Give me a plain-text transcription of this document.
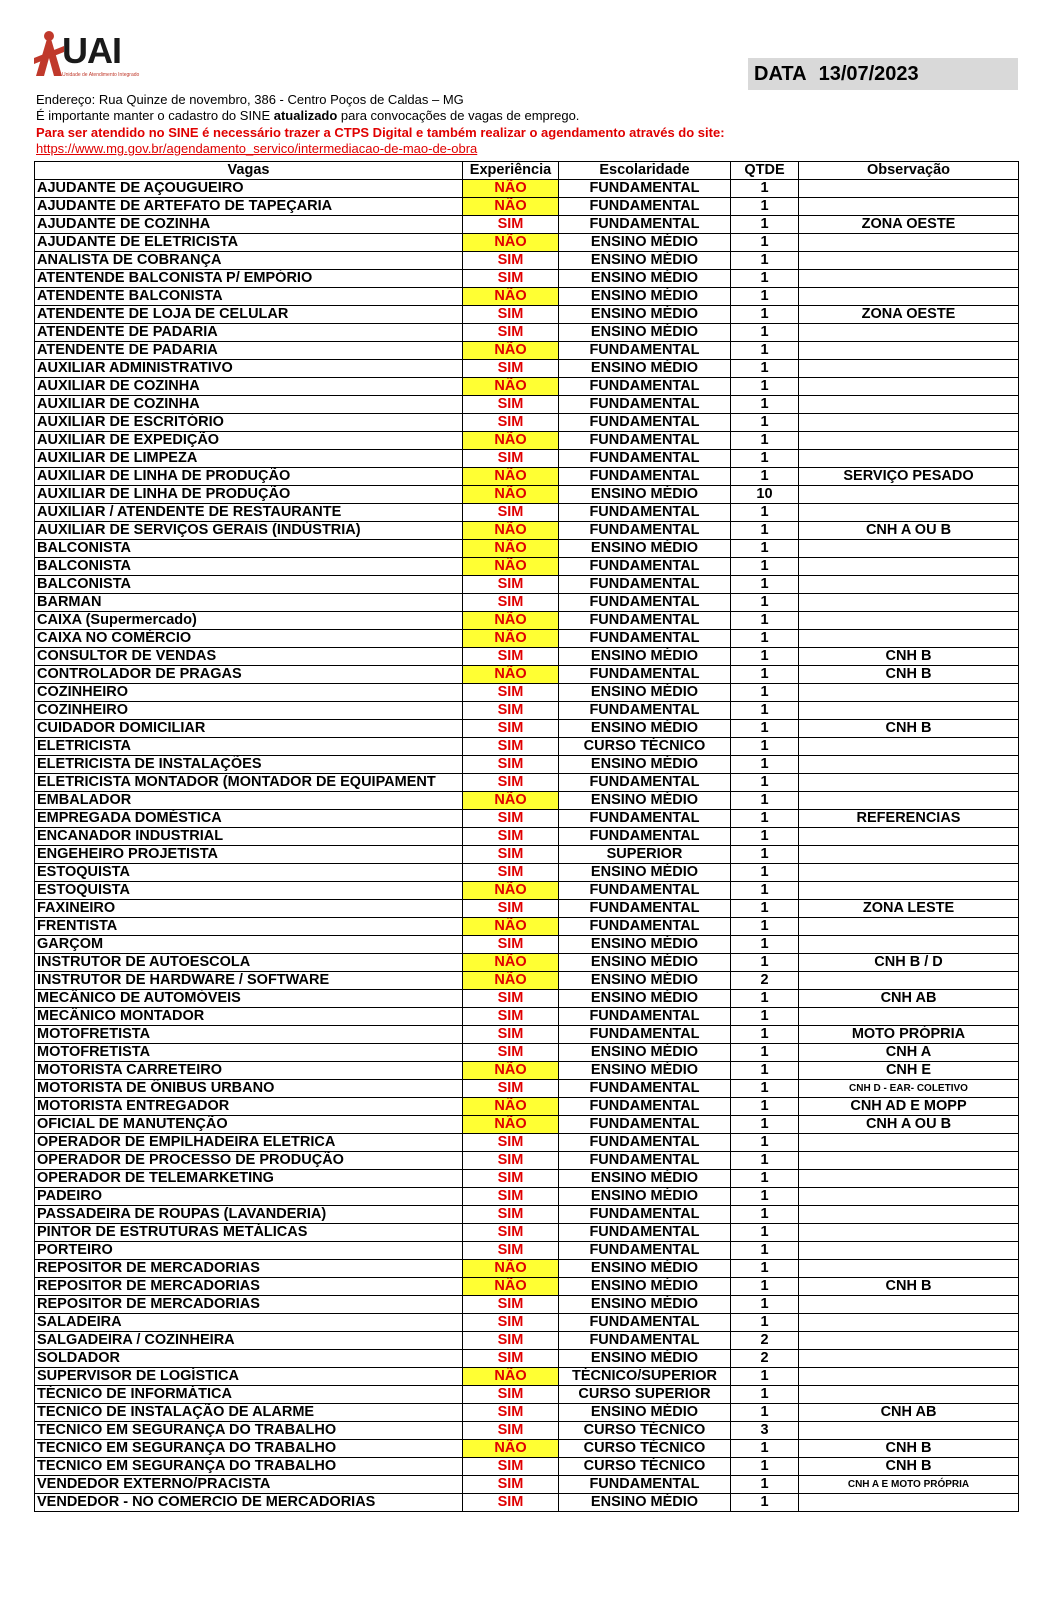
UAI
Unidade de Atendimento Integrado	DATA 13/07/2023
Endereço: Rua Quinze de novembro, 386 - Centro Poços de Caldas – MG
É importante manter o cadastro do SINE atualizado para convocações de vagas de emprego.
Para ser atendido no SINE é necessário trazer a CTPS Digital e também realizar o agendamento através do site:
https://www.mg.gov.br/agendamento_servico/intermediacao-de-mao-de-obra
Vagas	Experiência	Escolaridade	QTDE	Observação
AJUDANTE DE AÇOUGUEIRO	NÃO	FUNDAMENTAL	1	
AJUDANTE DE ARTEFATO DE TAPEÇARIA	NÃO	FUNDAMENTAL	1	
AJUDANTE DE COZINHA	SIM	FUNDAMENTAL	1	ZONA OESTE
AJUDANTE DE ELETRICISTA	NÃO	ENSINO MÉDIO	1	
ANALISTA DE COBRANÇA	SIM	ENSINO MÉDIO	1	
ATENTENDE BALCONISTA P/ EMPÓRIO	SIM	ENSINO MÉDIO	1	
ATENDENTE BALCONISTA	NÃO	ENSINO MÉDIO	1	
ATENDENTE DE LOJA DE CELULAR	SIM	ENSINO MÉDIO	1	ZONA OESTE
ATENDENTE DE PADARIA	SIM	ENSINO MÉDIO	1	
ATENDENTE DE PADARIA	NÃO	FUNDAMENTAL	1	
AUXILIAR ADMINISTRATIVO	SIM	ENSINO MÉDIO	1	
AUXILIAR DE COZINHA	NÃO	FUNDAMENTAL	1	
AUXILIAR DE COZINHA	SIM	FUNDAMENTAL	1	
AUXILIAR DE ESCRITÓRIO	SIM	FUNDAMENTAL	1	
AUXILIAR DE EXPEDIÇÃO	NÃO	FUNDAMENTAL	1	
AUXILIAR DE LIMPEZA	SIM	FUNDAMENTAL	1	
AUXILIAR DE LINHA DE PRODUÇÃO	NÃO	FUNDAMENTAL	1	SERVIÇO PESADO
AUXILIAR DE LINHA DE PRODUÇÃO	NÃO	ENSINO MÉDIO	10	
AUXILIAR / ATENDENTE DE RESTAURANTE	SIM	FUNDAMENTAL	1	
AUXILIAR DE SERVIÇOS GERAIS (INDÚSTRIA)	NÃO	FUNDAMENTAL	1	CNH A OU B
BALCONISTA	NÃO	ENSINO MÉDIO	1	
BALCONISTA	NÃO	FUNDAMENTAL	1	
BALCONISTA	SIM	FUNDAMENTAL	1	
BARMAN	SIM	FUNDAMENTAL	1	
CAIXA (Supermercado)	NÃO	FUNDAMENTAL	1	
CAIXA NO COMÉRCIO	NÃO	FUNDAMENTAL	1	
CONSULTOR DE VENDAS	SIM	ENSINO MÉDIO	1	CNH B
CONTROLADOR DE PRAGAS	NÃO	FUNDAMENTAL	1	CNH B
COZINHEIRO	SIM	ENSINO MÉDIO	1	
COZINHEIRO	SIM	FUNDAMENTAL	1	
CUIDADOR DOMICILIAR	SIM	ENSINO MÉDIO	1	CNH B
ELETRICISTA	SIM	CURSO TÉCNICO	1	
ELETRICISTA DE INSTALAÇÕES	SIM	ENSINO MÉDIO	1	
ELETRICISTA MONTADOR (MONTADOR DE EQUIPAMENT	SIM	FUNDAMENTAL	1	
EMBALADOR	NÃO	ENSINO MÉDIO	1	
EMPREGADA DOMÉSTICA	SIM	FUNDAMENTAL	1	REFERENCIAS
ENCANADOR INDUSTRIAL	SIM	FUNDAMENTAL	1	
ENGEHEIRO PROJETISTA	SIM	SUPERIOR	1	
ESTOQUISTA	SIM	ENSINO MÉDIO	1	
ESTOQUISTA	NÃO	FUNDAMENTAL	1	
FAXINEIRO	SIM	FUNDAMENTAL	1	ZONA LESTE
FRENTISTA	NÃO	FUNDAMENTAL	1	
GARÇOM	SIM	ENSINO MÉDIO	1	
INSTRUTOR DE AUTOESCOLA	NÃO	ENSINO MÉDIO	1	CNH B / D
INSTRUTOR DE HARDWARE / SOFTWARE	NÃO	ENSINO MÉDIO	2	
MECÂNICO DE AUTOMÓVEIS	SIM	ENSINO MÉDIO	1	CNH AB
MECÂNICO MONTADOR	SIM	FUNDAMENTAL	1	
MOTOFRETISTA	SIM	FUNDAMENTAL	1	MOTO PRÓPRIA
MOTOFRETISTA	SIM	ENSINO MÉDIO	1	CNH A
MOTORISTA CARRETEIRO	NÃO	ENSINO MÉDIO	1	CNH E
MOTORISTA DE ÔNIBUS URBANO	SIM	FUNDAMENTAL	1	CNH D - EAR- COLETIVO
MOTORISTA ENTREGADOR	NÃO	FUNDAMENTAL	1	CNH AD E MOPP
OFICIAL DE MANUTENÇÃO	NÃO	FUNDAMENTAL	1	CNH A OU B
OPERADOR DE EMPILHADEIRA ELETRICA	SIM	FUNDAMENTAL	1	
OPERADOR DE PROCESSO DE PRODUÇÃO	SIM	FUNDAMENTAL	1	
OPERADOR DE TELEMARKETING	SIM	ENSINO MÉDIO	1	
PADEIRO	SIM	ENSINO MÉDIO	1	
PASSADEIRA DE ROUPAS (LAVANDERIA)	SIM	FUNDAMENTAL	1	
PINTOR DE ESTRUTURAS METÁLICAS	SIM	FUNDAMENTAL	1	
PORTEIRO	SIM	FUNDAMENTAL	1	
REPOSITOR DE MERCADORIAS	NÃO	ENSINO MÉDIO	1	
REPOSITOR DE MERCADORIAS	NÃO	ENSINO MÉDIO	1	CNH B
REPOSITOR DE MERCADORIAS	SIM	ENSINO MÉDIO	1	
SALADEIRA	SIM	FUNDAMENTAL	1	
SALGADEIRA / COZINHEIRA	SIM	FUNDAMENTAL	2	
SOLDADOR	SIM	ENSINO MÉDIO	2	
SUPERVISOR DE LOGÍSTICA	NÃO	TÉCNICO/SUPERIOR	1	
TÉCNICO DE INFORMÁTICA	SIM	CURSO SUPERIOR	1	
TECNICO DE INSTALAÇÃO DE ALARME	SIM	ENSINO MÉDIO	1	CNH AB
TECNICO EM SEGURANÇA DO TRABALHO	SIM	CURSO TÉCNICO	3	
TECNICO EM SEGURANÇA DO TRABALHO	NÃO	CURSO TÉCNICO	1	CNH B
TECNICO EM SEGURANÇA DO TRABALHO	SIM	CURSO TÉCNICO	1	CNH B
VENDEDOR EXTERNO/PRACISTA	SIM	FUNDAMENTAL	1	CNH A E MOTO PRÓPRIA
VENDEDOR - NO COMERCIO DE MERCADORIAS	SIM	ENSINO MÉDIO	1	
